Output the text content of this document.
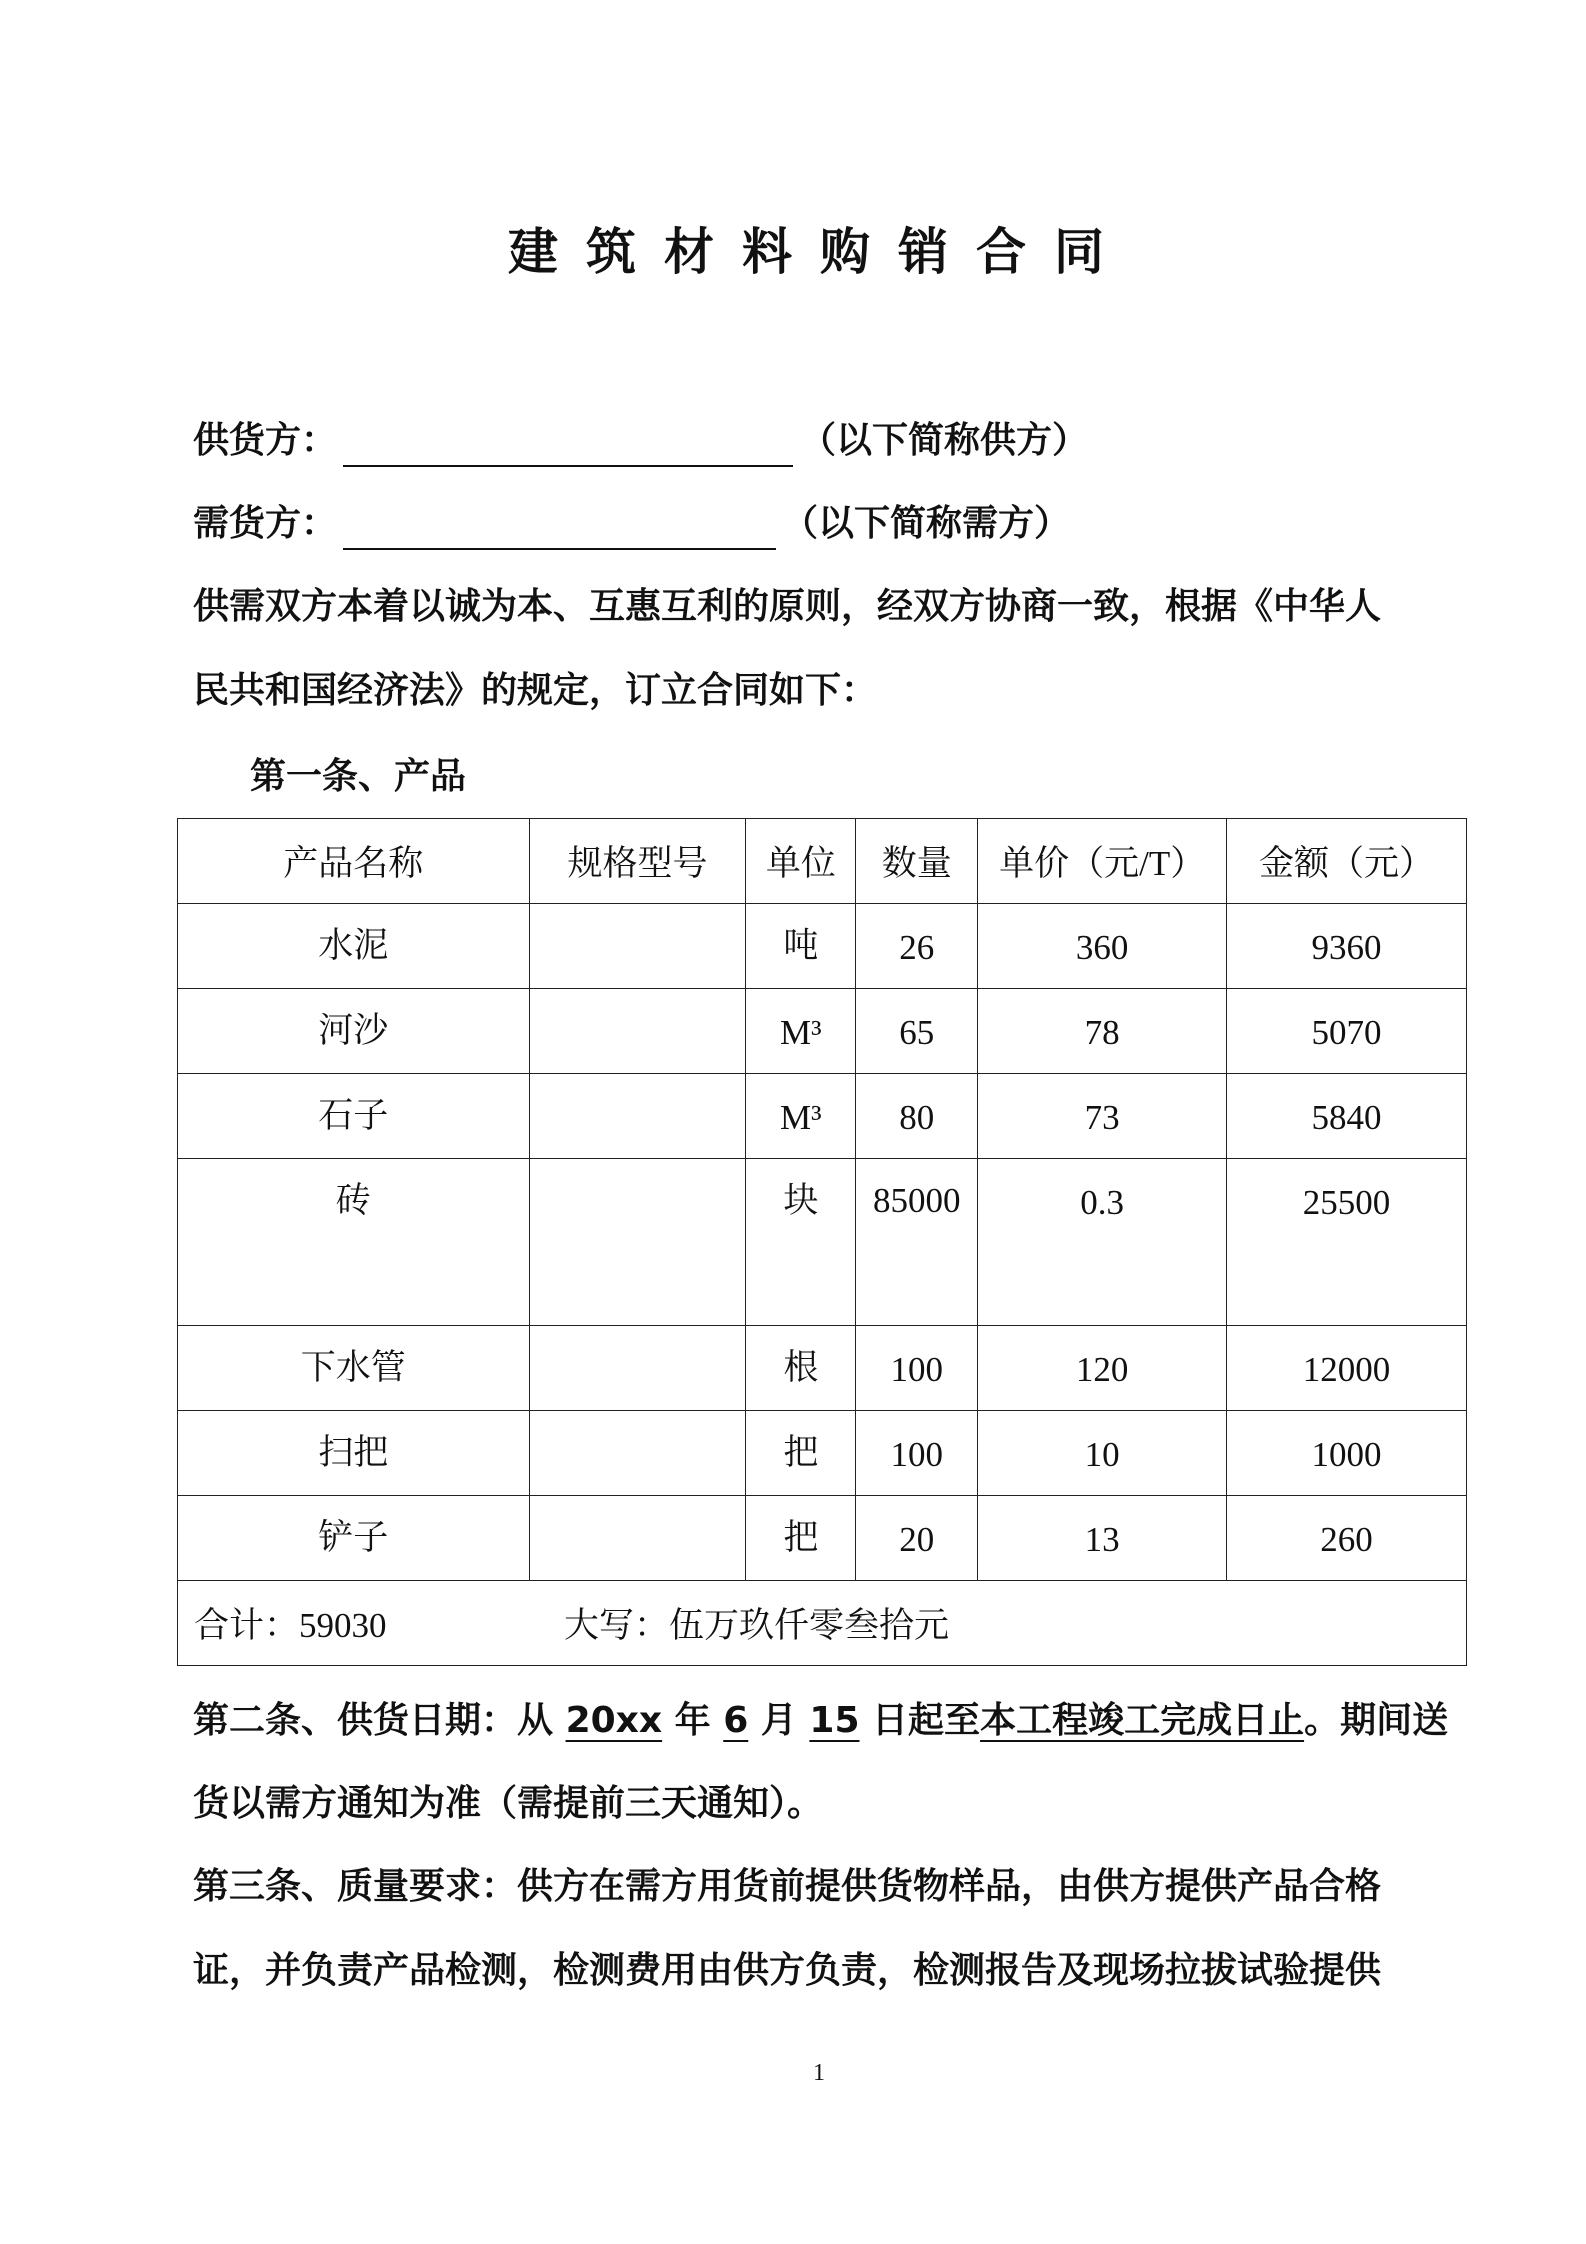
建筑材料购销合同
供货方：	（以下简称供方）
需货方：	（以下简称需方）
供需双方本着以诚为本、互惠互利的原则，经双方协商一致，根据《中华人
民共和国经济法》的规定，订立合同如下：
第一条、产品
产品名称	规格型号	单位	数量	单价（元/T）	金额（元）

水泥		吨	26	360	9360

河沙		M³	65	78	5070

石子		M³	80	73	5840

砖		块	85000	0.3	25500

下水管		根	100	120	12000

扫把		把	100	10	1000

铲子		把	20	13	260

合计：59030 大写：伍万玖仟零叁拾元					
第二条、供货日期：从 20xx 年 6 月 15 日起至本工程竣工完成日止。期间送
货以需方通知为准（需提前三天通知）。
第三条、质量要求：供方在需方用货前提供货物样品，由供方提供产品合格
证，并负责产品检测，检测费用由供方负责，检测报告及现场拉拔试验提供
1
